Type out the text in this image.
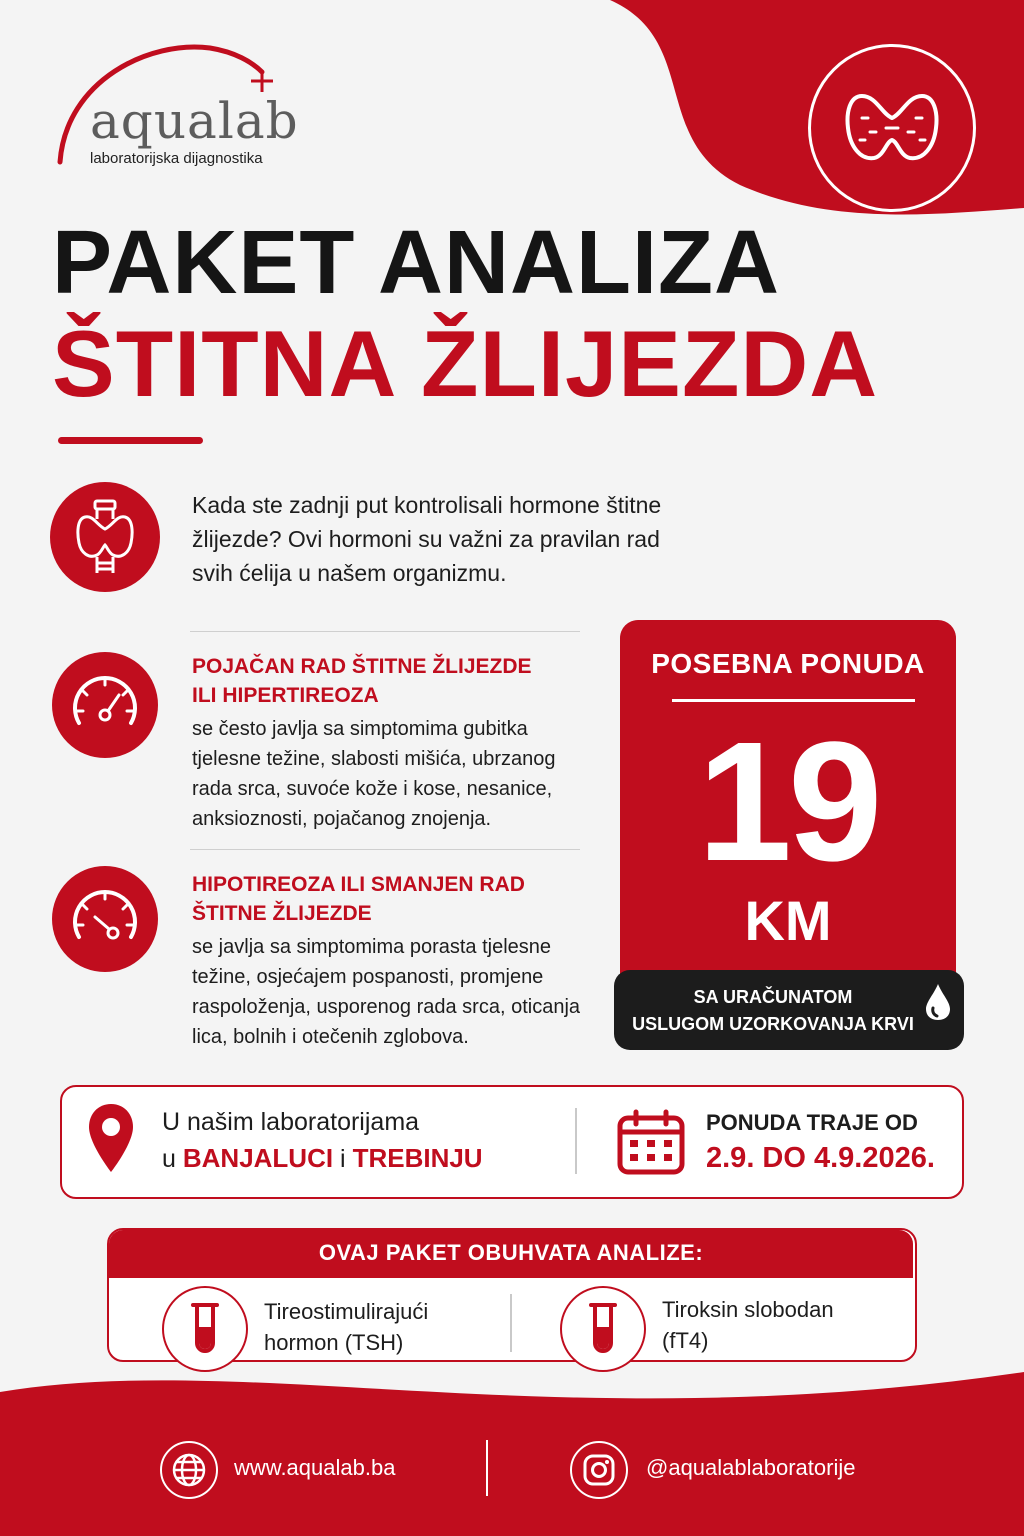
aqualab
laboratorijska dijagnostika
PAKET ANALIZA
ŠTITNA ŽLIJEZDA
Kada ste zadnji put kontrolisali hormone štitne žlijezde? Ovi hormoni su važni za pravilan rad svih ćelija u našem organizmu.
POJAČAN RAD ŠTITNE ŽLIJEZDE
ILI HIPERTIREOZA
se često javlja sa simptomima gubitka tjelesne težine, slabosti mišića, ubrzanog rada srca, suvoće kože i kose, nesanice, anksioznosti, pojačanog znojenja.
HIPOTIREOZA ILI SMANJEN RAD
ŠTITNE ŽLIJEZDE
se javlja sa simptomima porasta tjelesne težine, osjećajem pospanosti, promjene raspoloženja, usporenog rada srca, oticanja lica, bolnih i otečenih zglobova.
POSEBNA PONUDA
19
KM
SA URAČUNATOM
USLUGOM UZORKOVANJA KRVI
U našim laboratorijama
u BANJALUCI i TREBINJU
PONUDA TRAJE OD
2.9. DO 4.9.2026.
OVAJ PAKET OBUHVATA ANALIZE:
Tireostimulirajući
hormon (TSH)
Tiroksin slobodan
(fT4)
www.aqualab.ba	@aqualablaboratorije
